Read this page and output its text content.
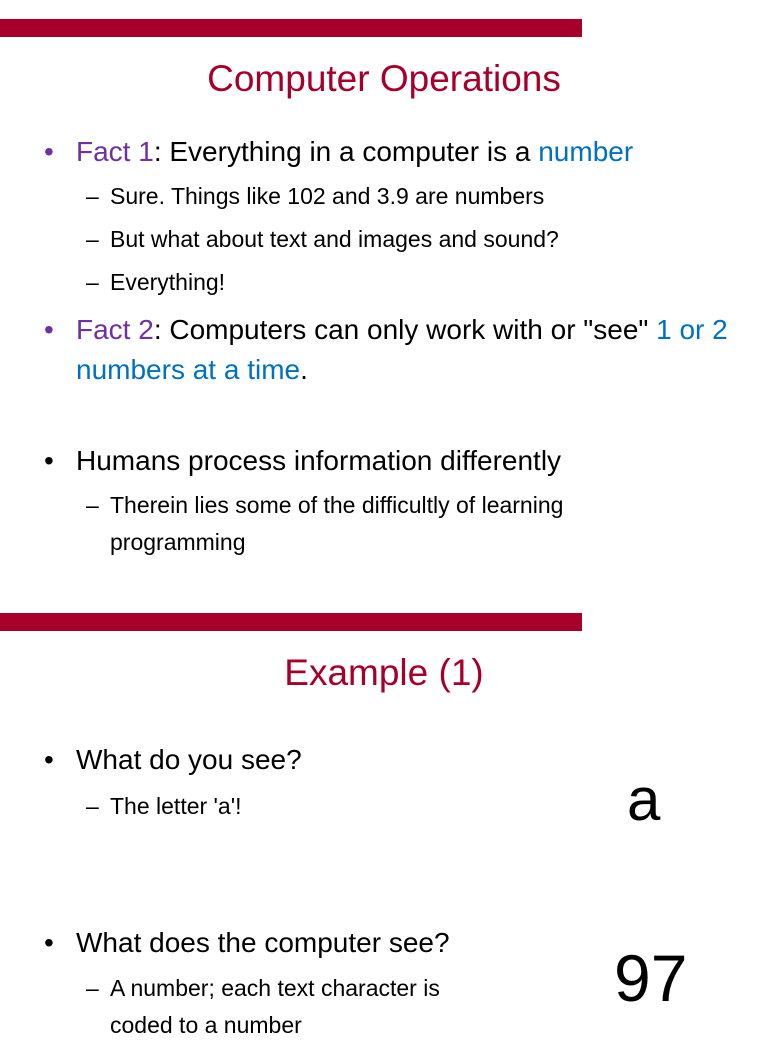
Computer Operations
• Fact 1: Everything in a computer is a number
– Sure. Things like 102 and 3.9 are numbers
– But what about text and images and sound?
– Everything!
• Fact 2: Computers can only work with or "see" 1 or 2 numbers at a time.
• Humans process information differently
– Therein lies some of the difficultly of learning programming
Example (1)
• What do you see?
– The letter 'a'!	a
• What does the computer see?
– A number; each text character is coded to a number
97
